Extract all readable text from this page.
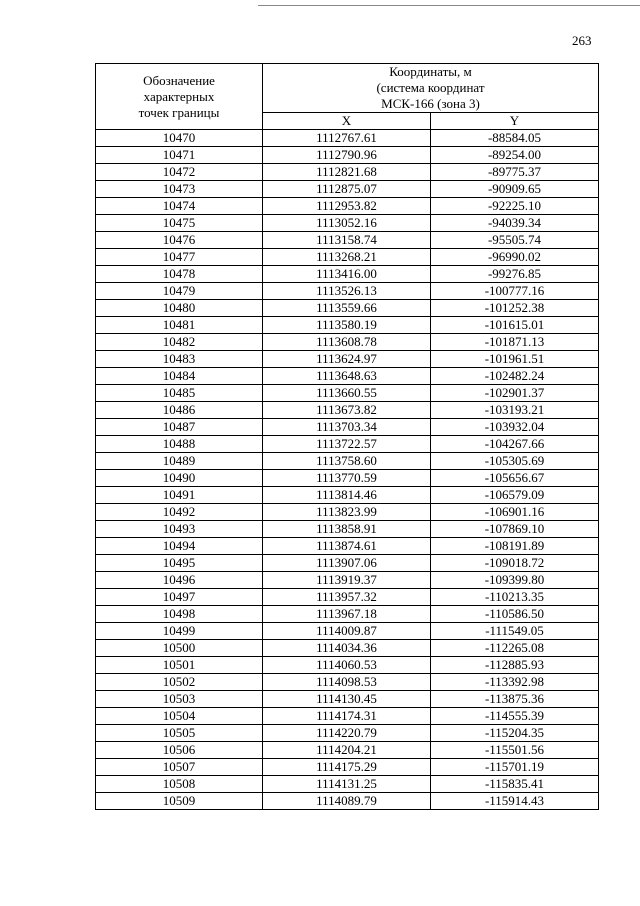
263
Обозначение
характерных
точек границы	Координаты, м
(система координат
МСК-166 (зона 3)	

	X	Y
10470	1112767.61	-88584.05
10471	1112790.96	-89254.00
10472	1112821.68	-89775.37
10473	1112875.07	-90909.65
10474	1112953.82	-92225.10
10475	1113052.16	-94039.34
10476	1113158.74	-95505.74
10477	1113268.21	-96990.02
10478	1113416.00	-99276.85
10479	1113526.13	-100777.16
10480	1113559.66	-101252.38
10481	1113580.19	-101615.01
10482	1113608.78	-101871.13
10483	1113624.97	-101961.51
10484	1113648.63	-102482.24
10485	1113660.55	-102901.37
10486	1113673.82	-103193.21
10487	1113703.34	-103932.04
10488	1113722.57	-104267.66
10489	1113758.60	-105305.69
10490	1113770.59	-105656.67
10491	1113814.46	-106579.09
10492	1113823.99	-106901.16
10493	1113858.91	-107869.10
10494	1113874.61	-108191.89
10495	1113907.06	-109018.72
10496	1113919.37	-109399.80
10497	1113957.32	-110213.35
10498	1113967.18	-110586.50
10499	1114009.87	-111549.05
10500	1114034.36	-112265.08
10501	1114060.53	-112885.93
10502	1114098.53	-113392.98
10503	1114130.45	-113875.36
10504	1114174.31	-114555.39
10505	1114220.79	-115204.35
10506	1114204.21	-115501.56
10507	1114175.29	-115701.19
10508	1114131.25	-115835.41
10509	1114089.79	-115914.43
